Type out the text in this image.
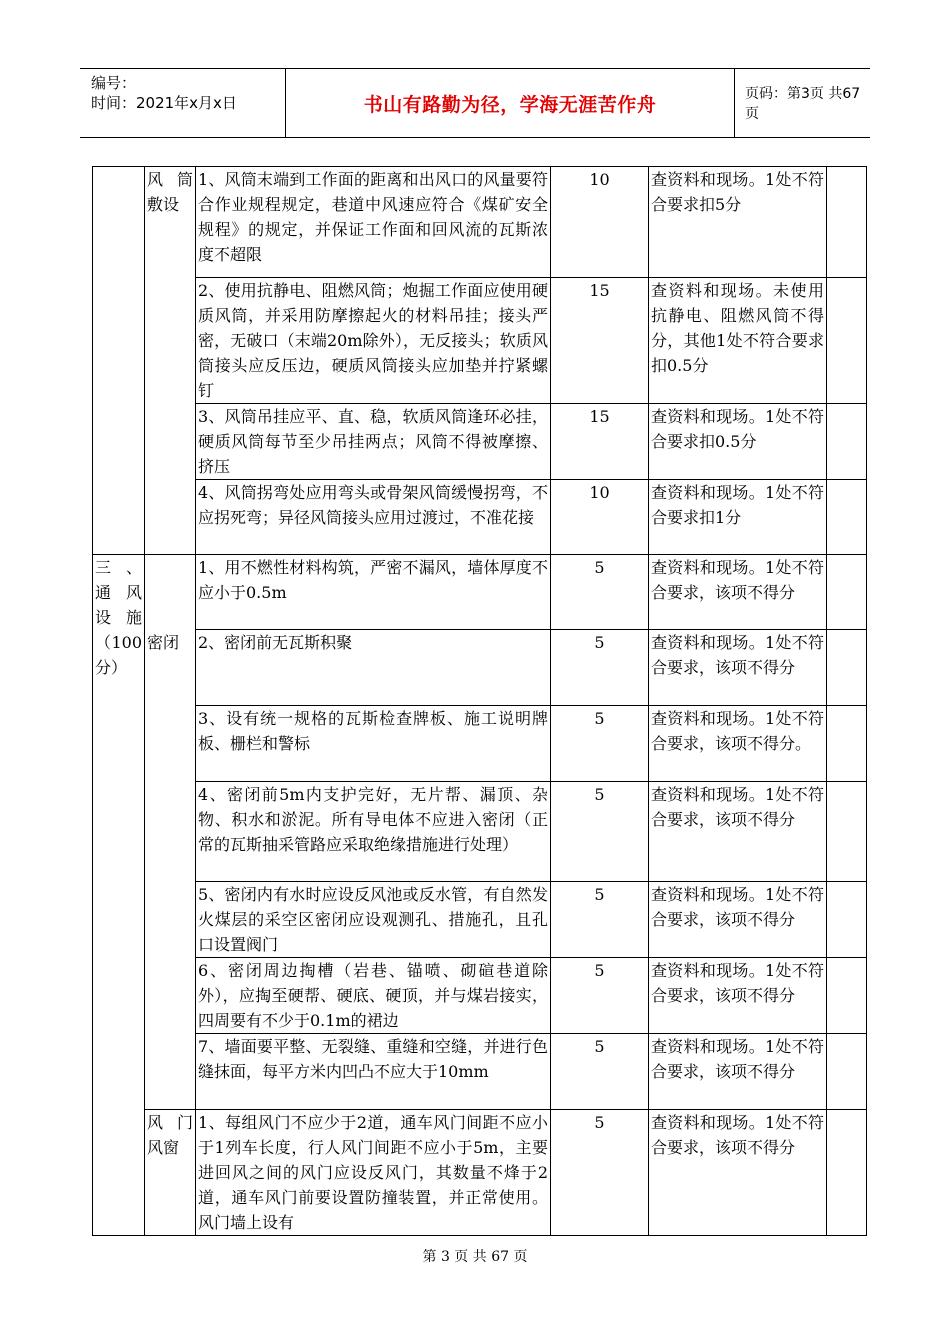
编号：
时间：2021年x月x日	书山有路勤为径，学海无涯苦作舟	页码：第3页 共67页
	风筒敷设	1、风筒末端到工作面的距离和出风口的风量要符合作业规程规定，巷道中风速应符合《煤矿安全规程》的规定，并保证工作面和回风流的瓦斯浓度不超限	10	查资料和现场。1处不符合要求扣5分	
		2、使用抗静电、阻燃风筒；炮掘工作面应使用硬质风筒，并采用防摩擦起火的材料吊挂；接头严密，无破口（末端20m除外），无反接头；软质风筒接头应反压边，硬质风筒接头应加垫并拧紧螺钉	15	查资料和现场。未使用抗静电、阻燃风筒不得分，其他1处不符合要求扣0.5分	
		3、风筒吊挂应平、直、稳，软质风筒逢环必挂，硬质风筒每节至少吊挂两点；风筒不得被摩擦、挤压	15	查资料和现场。1处不符合要求扣0.5分	
		4、风筒拐弯处应用弯头或骨架风筒缓慢拐弯，不应拐死弯；异径风筒接头应用过渡过，不准花接	10	查资料和现场。1处不符合要求扣1分	
三、通风设施（100分）		1、用不燃性材料构筑，严密不漏风，墙体厚度不应小于0.5m	5	查资料和现场。1处不符合要求，该项不得分	
	密闭	2、密闭前无瓦斯积聚	5	查资料和现场。1处不符合要求，该项不得分	
		3、设有统一规格的瓦斯检查牌板、施工说明牌板、栅栏和警标	5	查资料和现场。1处不符合要求，该项不得分。	
		4、密闭前5m内支护完好，无片帮、漏顶、杂物、积水和淤泥。所有导电体不应进入密闭（正常的瓦斯抽采管路应采取绝缘措施进行处理）	5	查资料和现场。1处不符合要求，该项不得分	
		5、密闭内有水时应设反风池或反水管，有自然发火煤层的采空区密闭应设观测孔、措施孔，且孔口设置阀门	5	查资料和现场。1处不符合要求，该项不得分	
		6、密闭周边掏槽（岩巷、锚喷、砌碹巷道除外），应掏至硬帮、硬底、硬顶，并与煤岩接实，四周要有不少于0.1m的裙边	5	查资料和现场。1处不符合要求，该项不得分	
		7、墙面要平整、无裂缝、重缝和空缝，并进行色缝抹面，每平方米内凹凸不应大于10mm	5	查资料和现场。1处不符合要求，该项不得分	
	风门风窗	1、每组风门不应少于2道，通车风门间距不应小于1列车长度，行人风门间距不应小于5m，主要进回风之间的风门应设反风门，其数量不烽于2道，通车风门前要设置防撞装置，并正常使用。风门墙上设有	5	查资料和现场。1处不符合要求，该项不得分	
第 3 页 共 67 页
